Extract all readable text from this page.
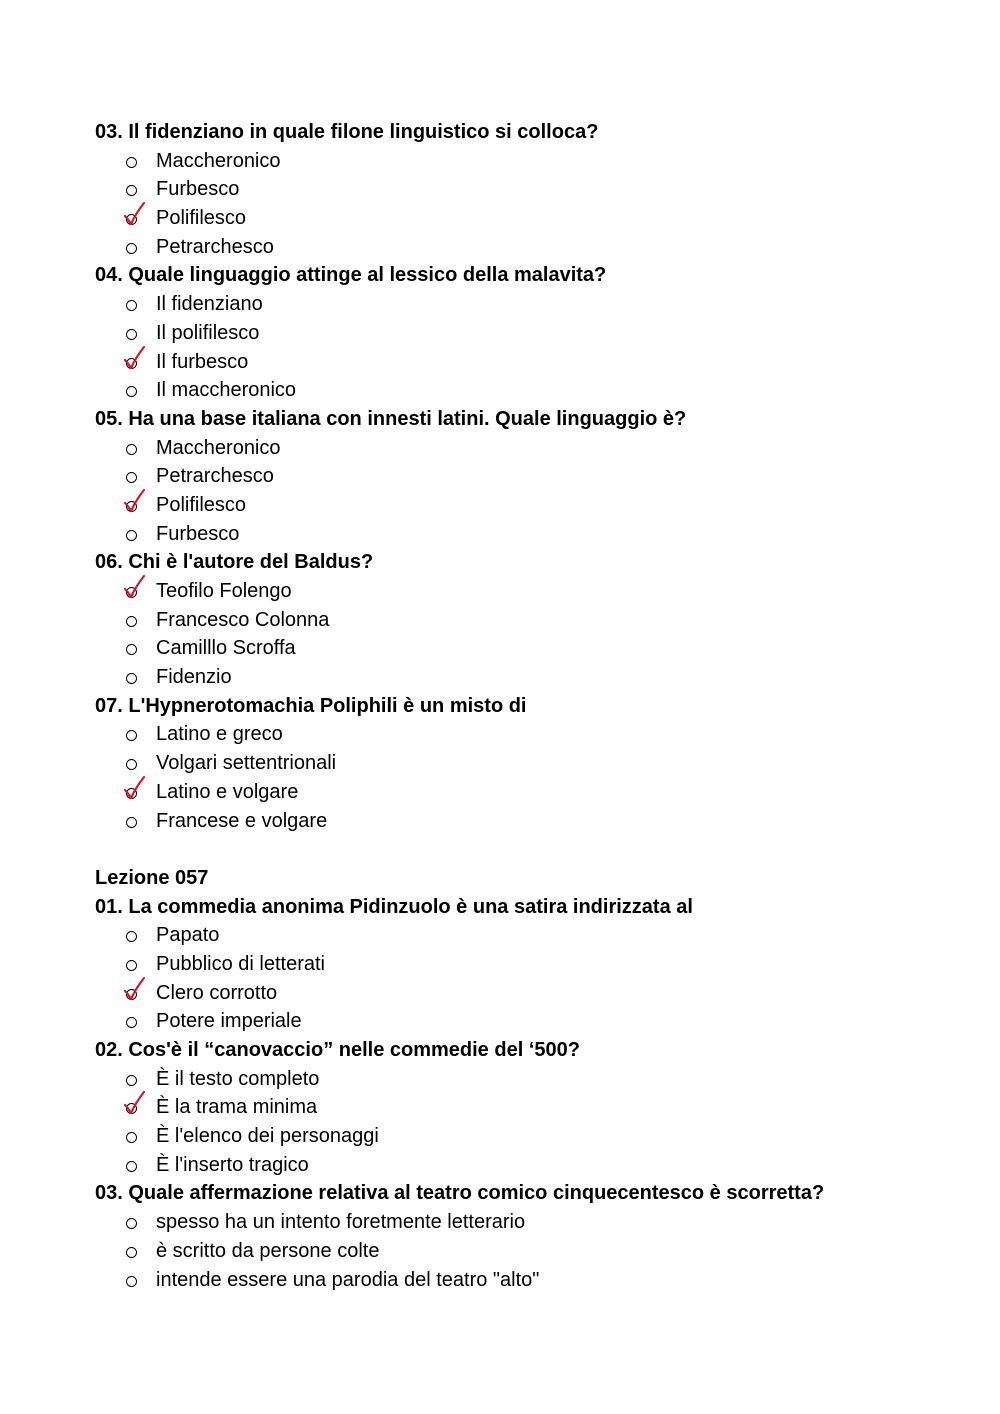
03. Il fidenziano in quale filone linguistico si colloca?
Maccheronico
Furbesco
Polifilesco
Petrarchesco
04. Quale linguaggio attinge al lessico della malavita?
Il fidenziano
Il polifilesco
Il furbesco
Il maccheronico
05. Ha una base italiana con innesti latini. Quale linguaggio è?
Maccheronico
Petrarchesco
Polifilesco
Furbesco
06. Chi è l'autore del Baldus?
Teofilo Folengo
Francesco Colonna
Camilllo Scroffa
Fidenzio
07. L'Hypnerotomachia Poliphili è un misto di
Latino e greco
Volgari settentrionali
Latino e volgare
Francese e volgare
Lezione 057
01. La commedia anonima Pidinzuolo è una satira indirizzata al
Papato
Pubblico di letterati
Clero corrotto
Potere imperiale
02. Cos'è il “canovaccio” nelle commedie del ‘500?
È il testo completo
È la trama minima
È l'elenco dei personaggi
È l'inserto tragico
03. Quale affermazione relativa al teatro comico cinquecentesco è scorretta?
spesso ha un intento foretmente letterario
è scritto da persone colte
intende essere una parodia del teatro "alto"
